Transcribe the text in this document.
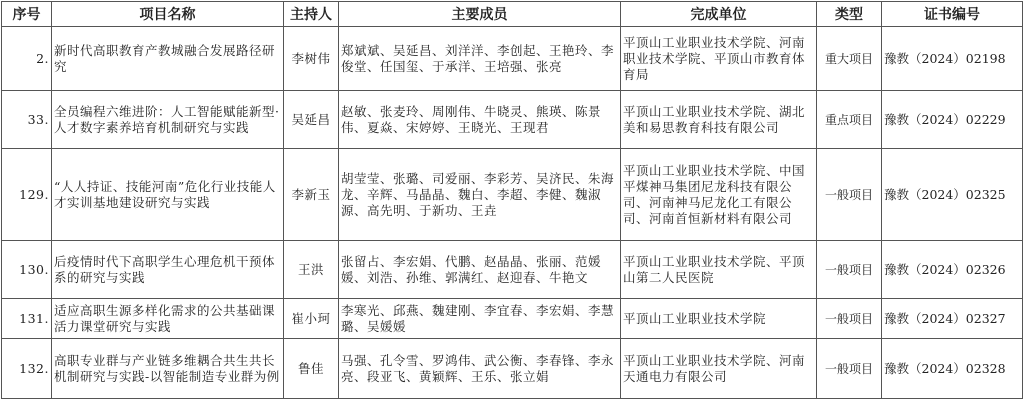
序号	项目名称	主持人	主要成员	完成单位	类型	证书编号
2.	新时代高职教育产教城融合发展路径研究	李树伟	郑斌斌、吴延昌、刘洋洋、李创起、王艳玲、李俊堂、任国玺、于承洋、王培强、张亮	平顶山工业职业技术学院、河南职业技术学院、平顶山市教育体育局	重大项目	豫教（2024）02198
33.	全员编程六维进阶：人工智能赋能新型·人才数字素养培育机制研究与实践	吴延昌	赵敏、张麦玲、周刚伟、牛晓灵、熊瑛、陈景伟、夏焱、宋婷婷、王晓光、王现君	平顶山工业职业技术学院、湖北美和易思教育科技有限公司	重点项目	豫教（2024）02229
129.	“人人持证、技能河南”危化行业技能人才实训基地建设研究与实践	李新玉	胡莹莹、张璐、司爱丽、李彩芳、吴济民、朱海龙、辛辉、马晶晶、魏白、李超、李健、魏淑源、高先明、于新功、王垚	平顶山工业职业技术学院、中国平煤神马集团尼龙科技有限公司、河南神马尼龙化工有限公司、河南首恒新材料有限公司	一般项目	豫教（2024）02325
130.	后疫情时代下高职学生心理危机干预体系的研究与实践	王洪	张留占、李宏娟、代鹏、赵晶晶、张丽、范媛媛、刘浩、孙维、郭满红、赵迎春、牛艳文	平顶山工业职业技术学院、平顶山第二人民医院	一般项目	豫教（2024）02326
131.	适应高职生源多样化需求的公共基础课活力课堂研究与实践	崔小珂	李寒光、邱燕、魏建刚、李宜春、李宏娟、李慧璐、吴媛媛	平顶山工业职业技术学院	一般项目	豫教（2024）02327
132.	高职专业群与产业链多维耦合共生共长机制研究与实践-以智能制造专业群为例	鲁佳	马强、孔令雪、罗鸿伟、武公衡、李春锋、李永亮、段亚飞、黄颖辉、王乐、张立娟	平顶山工业职业技术学院、河南天通电力有限公司	一般项目	豫教（2024）02328
